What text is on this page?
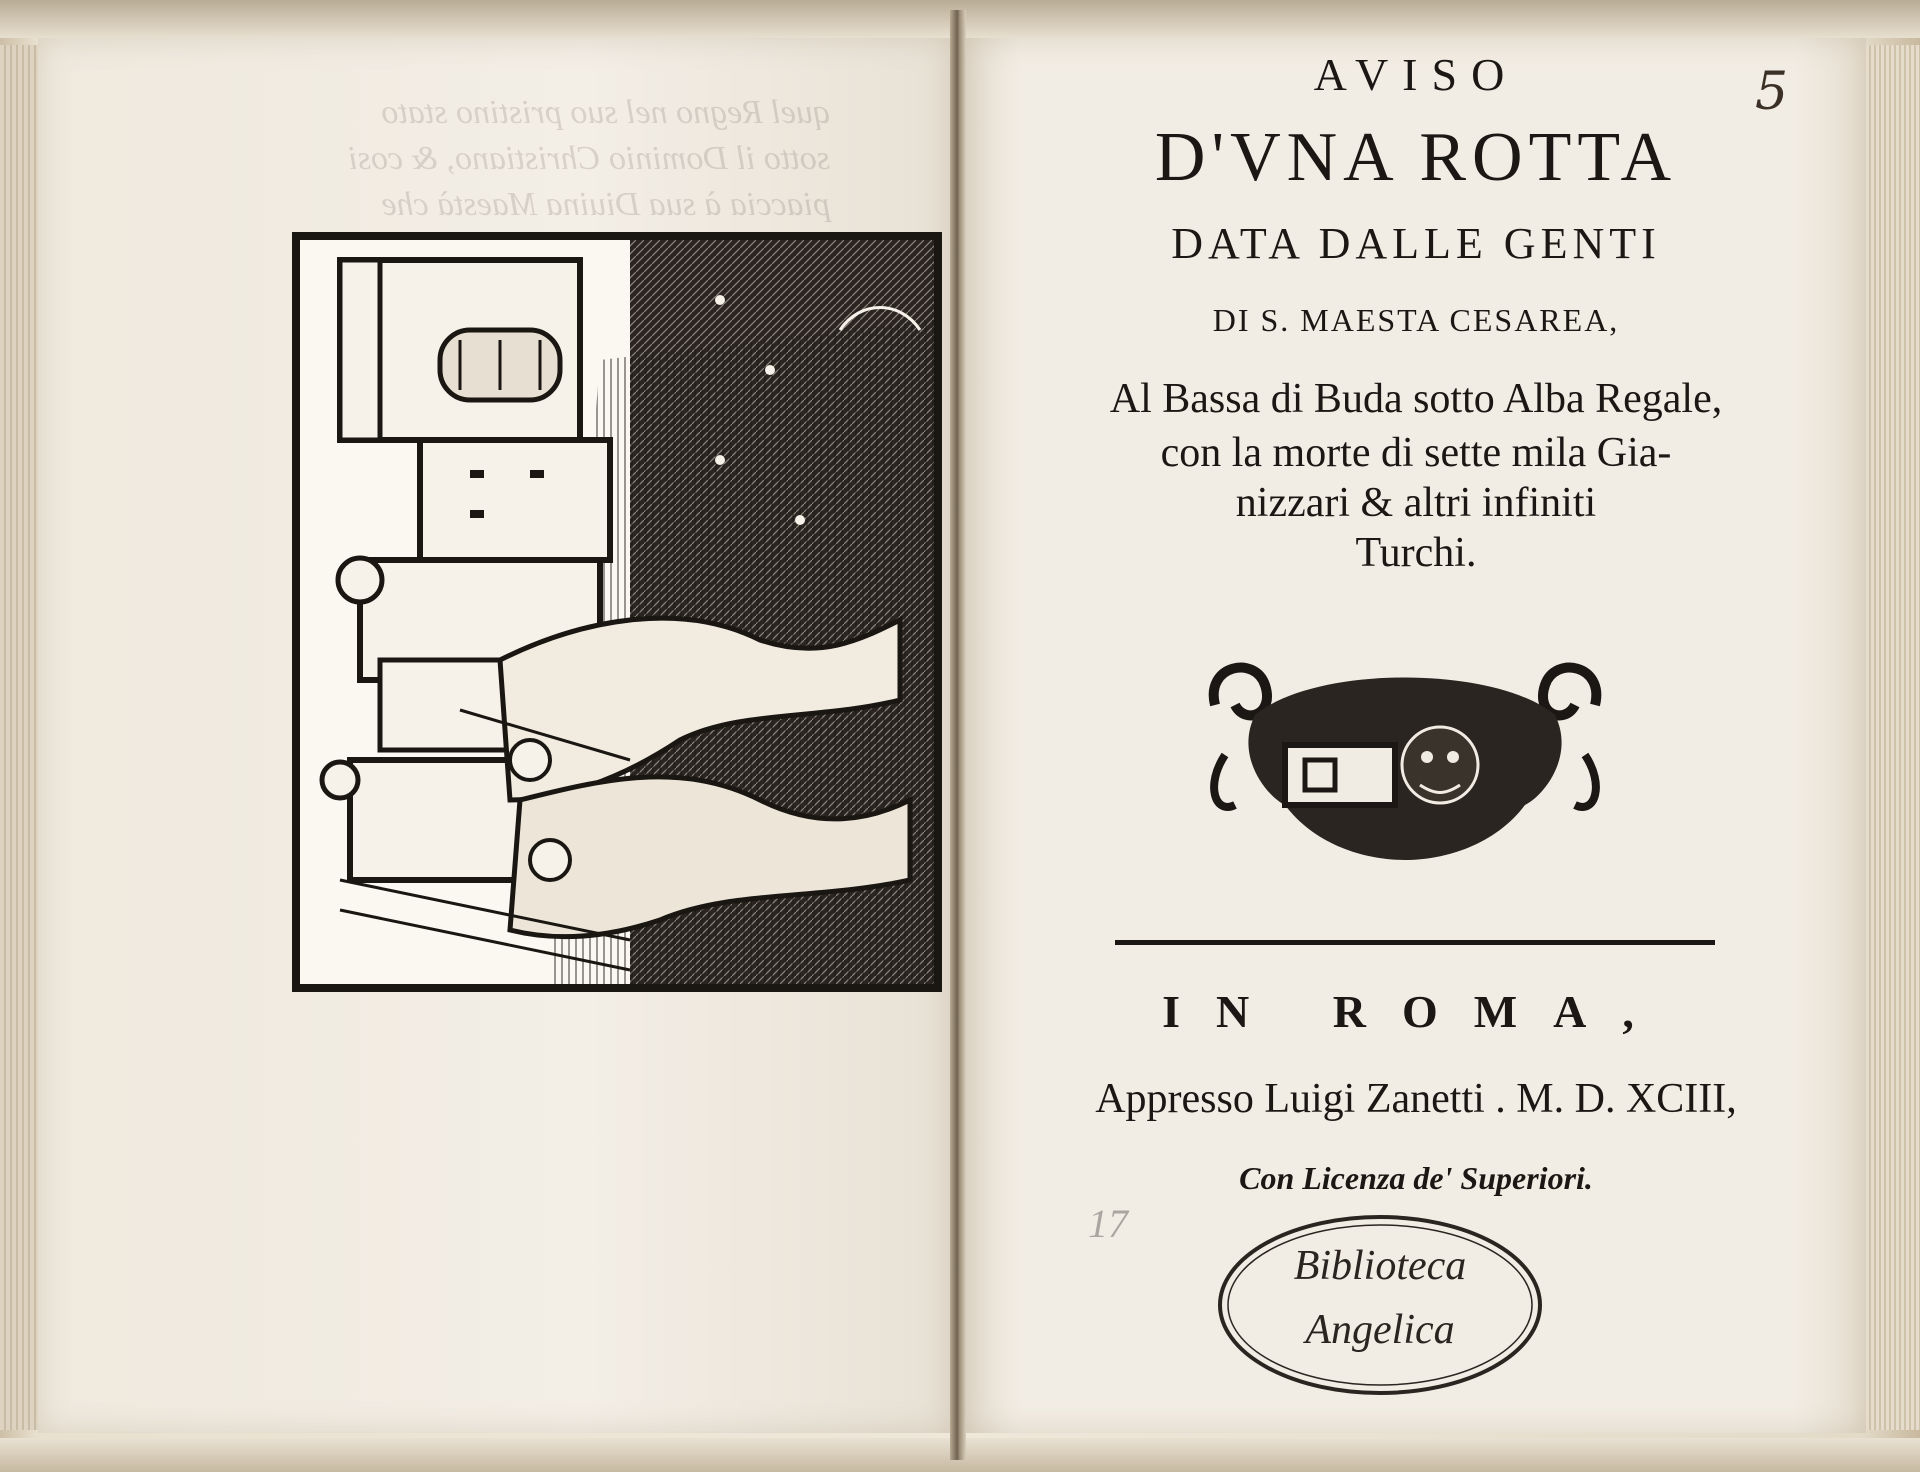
quel Regno nel suo pristino stato
sotto il Dominio Christiano, & cosi
piaccia à sua Diuina Maestà che
AVISO
D'VNA ROTTA
DATA DALLE GENTI
DI S. MAESTA CESAREA,
Al Bassa di Buda sotto Alba Regale,
con la morte di sette mila Gia-
nizzari & altri infiniti
Turchi.
5
IN ROMA,
Appresso Luigi Zanetti . M. D. XCIII,
Con Licenza de' Superiori.
17
Biblioteca
Angelica
